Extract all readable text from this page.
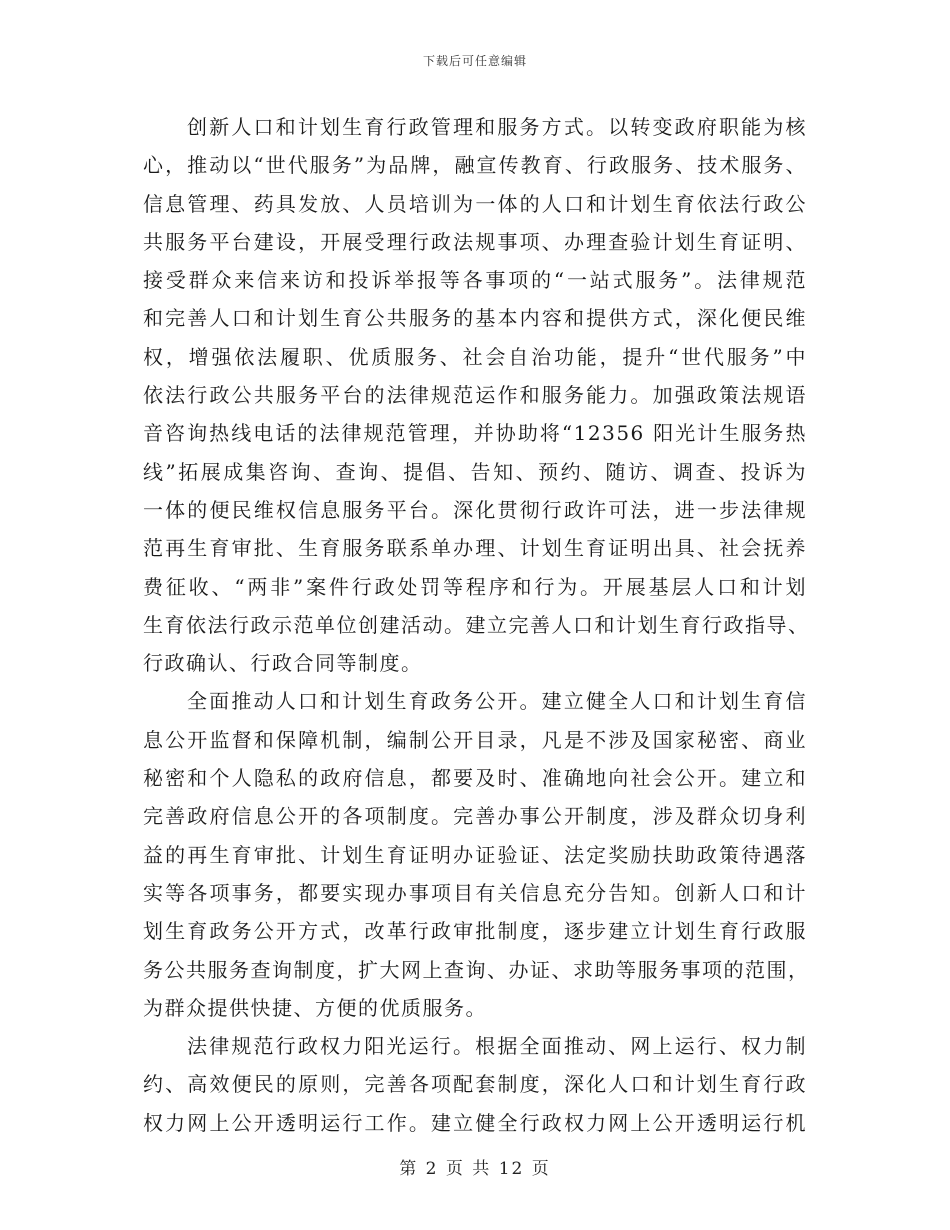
下载后可任意编辑
创新人口和计划生育行政管理和服务方式。以转变政府职能为核
心，推动以“世代服务”为品牌，融宣传教育、行政服务、技术服务、
信息管理、药具发放、人员培训为一体的人口和计划生育依法行政公
共服务平台建设，开展受理行政法规事项、办理查验计划生育证明、
接受群众来信来访和投诉举报等各事项的“一站式服务”。法律规范
和完善人口和计划生育公共服务的基本内容和提供方式，深化便民维
权，增强依法履职、优质服务、社会自治功能，提升“世代服务”中
依法行政公共服务平台的法律规范运作和服务能力。加强政策法规语
音咨询热线电话的法律规范管理，并协助将“12356 阳光计生服务热
线”拓展成集咨询、查询、提倡、告知、预约、随访、调查、投诉为
一体的便民维权信息服务平台。深化贯彻行政许可法，进一步法律规
范再生育审批、生育服务联系单办理、计划生育证明出具、社会抚养
费征收、“两非”案件行政处罚等程序和行为。开展基层人口和计划
生育依法行政示范单位创建活动。建立完善人口和计划生育行政指导、
行政确认、行政合同等制度。
全面推动人口和计划生育政务公开。建立健全人口和计划生育信
息公开监督和保障机制，编制公开目录，凡是不涉及国家秘密、商业
秘密和个人隐私的政府信息，都要及时、准确地向社会公开。建立和
完善政府信息公开的各项制度。完善办事公开制度，涉及群众切身利
益的再生育审批、计划生育证明办证验证、法定奖励扶助政策待遇落
实等各项事务，都要实现办事项目有关信息充分告知。创新人口和计
划生育政务公开方式，改革行政审批制度，逐步建立计划生育行政服
务公共服务查询制度，扩大网上查询、办证、求助等服务事项的范围，
为群众提供快捷、方便的优质服务。
法律规范行政权力阳光运行。根据全面推动、网上运行、权力制
约、高效便民的原则，完善各项配套制度，深化人口和计划生育行政
权力网上公开透明运行工作。建立健全行政权力网上公开透明运行机
第 2 页 共 12 页
